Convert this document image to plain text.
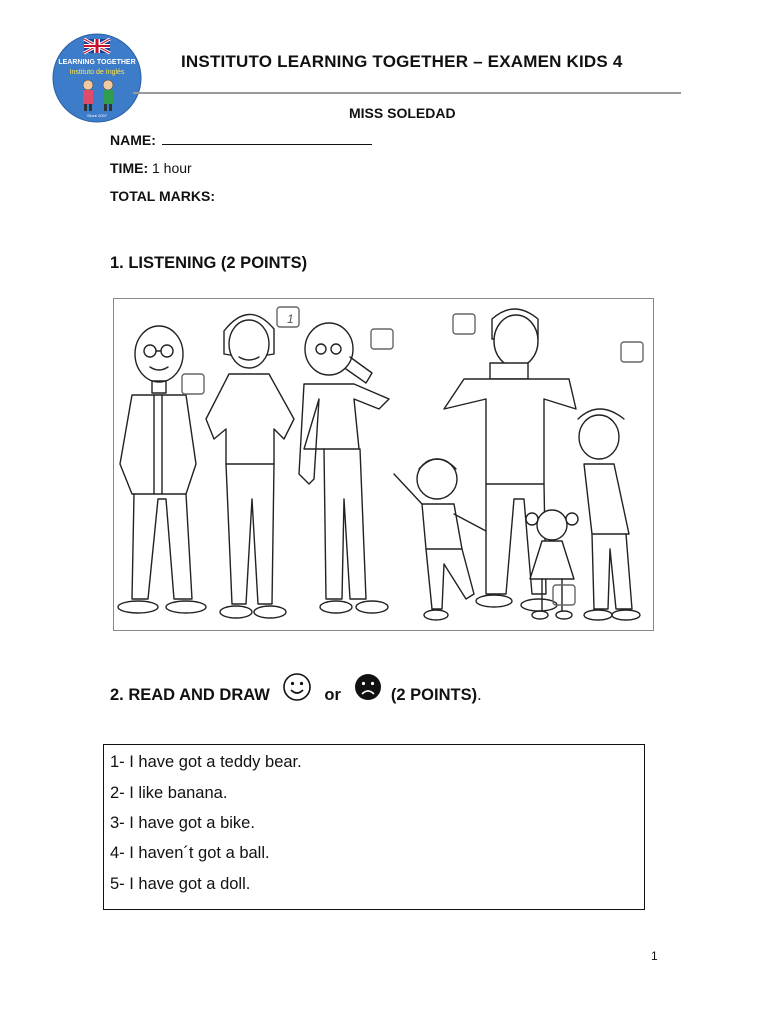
LEARNING TOGETHER
Instituto de Inglés
Since 2007
INSTITUTO LEARNING TOGETHER – EXAMEN KIDS 4
MISS SOLEDAD
NAME:
TIME: 1 hour
TOTAL MARKS:
1. LISTENING (2 POINTS)
1
2. READ AND DRAW	or	(2 POINTS).
1- I have got a teddy bear.
2- I like banana.
3- I have got a bike.
4- I haven´t got a ball.
5- I have got a doll.
1
